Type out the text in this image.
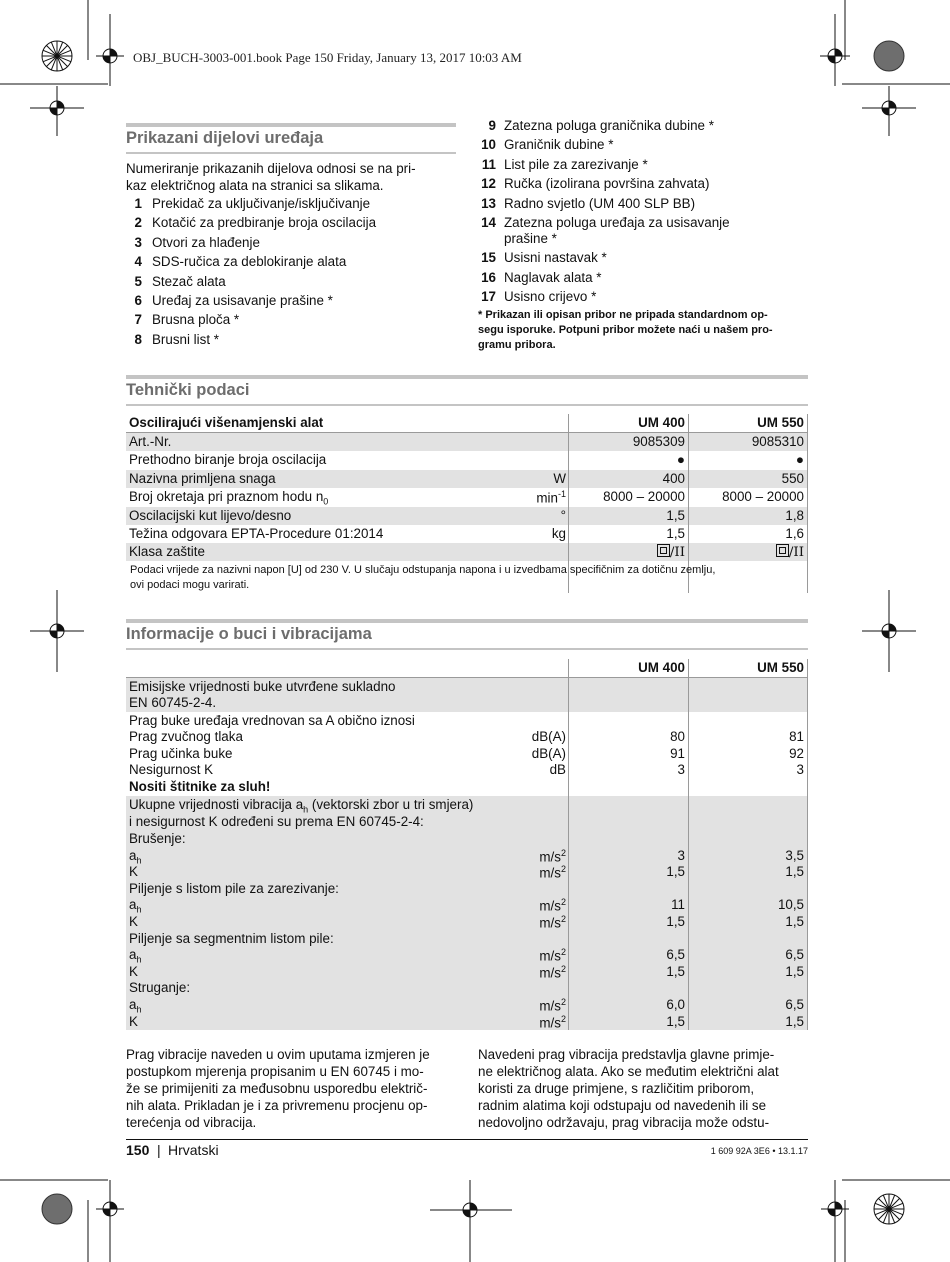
OBJ_BUCH-3003-001.book Page 150 Friday, January 13, 2017 10:03 AM
Prikazani dijelovi uređaja
Numeriranje prikazanih dijelova odnosi se na pri-
kaz električnog alata na stranici sa slikama.
1 Prekidač za uključivanje/isključivanje
2 Kotačić za predbiranje broja oscilacija
3 Otvori za hlađenje
4 SDS-ručica za deblokiranje alata
5 Stezač alata
6 Uređaj za usisavanje prašine *
7 Brusna ploča *
8 Brusni list *
9 Zatezna poluga graničnika dubine *
10 Graničnik dubine *
11 List pile za zarezivanje *
12 Ručka (izolirana površina zahvata)
13 Radno svjetlo (UM 400 SLP BB)
14 Zatezna poluga uređaja za usisavanje
prašine *
15 Usisni nastavak *
16 Naglavak alata *
17 Usisno crijevo *
* Prikazan ili opisan pribor ne pripada standardnom op-
segu isporuke. Potpuni pribor možete naći u našem pro-
gramu pribora.
Tehnički podaci
Oscilirajući višenamjenski alat	UM 400	UM 550
Art.-Nr.	9085309	9085310
Prethodno biranje broja oscilacija	●	●
Nazivna primljena snaga	W	400	550
Broj okretaja pri praznom hodu $n_0$	$\min^{-1}$	8000 – 20000	8000 – 20000
Oscilacijski kut lijevo/desno	°	1,5	1,8
Težina odgovara EPTA-Procedure 01:2014	kg	1,5	1,6
Klasa zaštite	/II	/II
Podaci vrijede za nazivni napon [U] od 230 V. U slučaju odstupanja napona i u izvedbama specifičnim za dotičnu zemlju,
ovi podaci mogu varirati.
Informacije o buci i vibracijama
UM 400	UM 550
Emisijske vrijednosti buke utvrđene sukladno
EN 60745-2-4.
Prag buke uređaja vrednovan sa A obično iznosi
Prag zvučnog tlaka	dB(A)	80	81
Prag učinka buke	dB(A)	91	92
Nesigurnost K	dB	3	3
Nositi štitnike za sluh!
Ukupne vrijednosti vibracija $a_h$ (vektorski zbor u tri smjera)
i nesigurnost K određeni su prema EN 60745-2-4:
Brušenje:
$a_h$	$m/s^2$	3	3,5
K	$m/s^2$	1,5	1,5
Piljenje s listom pile za zarezivanje:
$a_h$	$m/s^2$	11	10,5
K	$m/s^2$	1,5	1,5
Piljenje sa segmentnim listom pile:
$a_h$	$m/s^2$	6,5	6,5
K	$m/s^2$	1,5	1,5
Struganje:
$a_h$	$m/s^2$	6,0	6,5
K	$m/s^2$	1,5	1,5
Prag vibracije naveden u ovim uputama izmjeren je
postupkom mjerenja propisanim u EN 60745 i mo-
že se primijeniti za međusobnu usporedbu električ-
nih alata. Prikladan je i za privremenu procjenu op-
terećenja od vibracija.
Navedeni prag vibracija predstavlja glavne primje-
ne električnog alata. Ako se međutim električni alat
koristi za druge primjene, s različitim priborom,
radnim alatima koji odstupaju od navedenih ili se
nedovoljno održavaju, prag vibracija može odstu-
150 | Hrvatski	1 609 92A 3E6 • 13.1.17
